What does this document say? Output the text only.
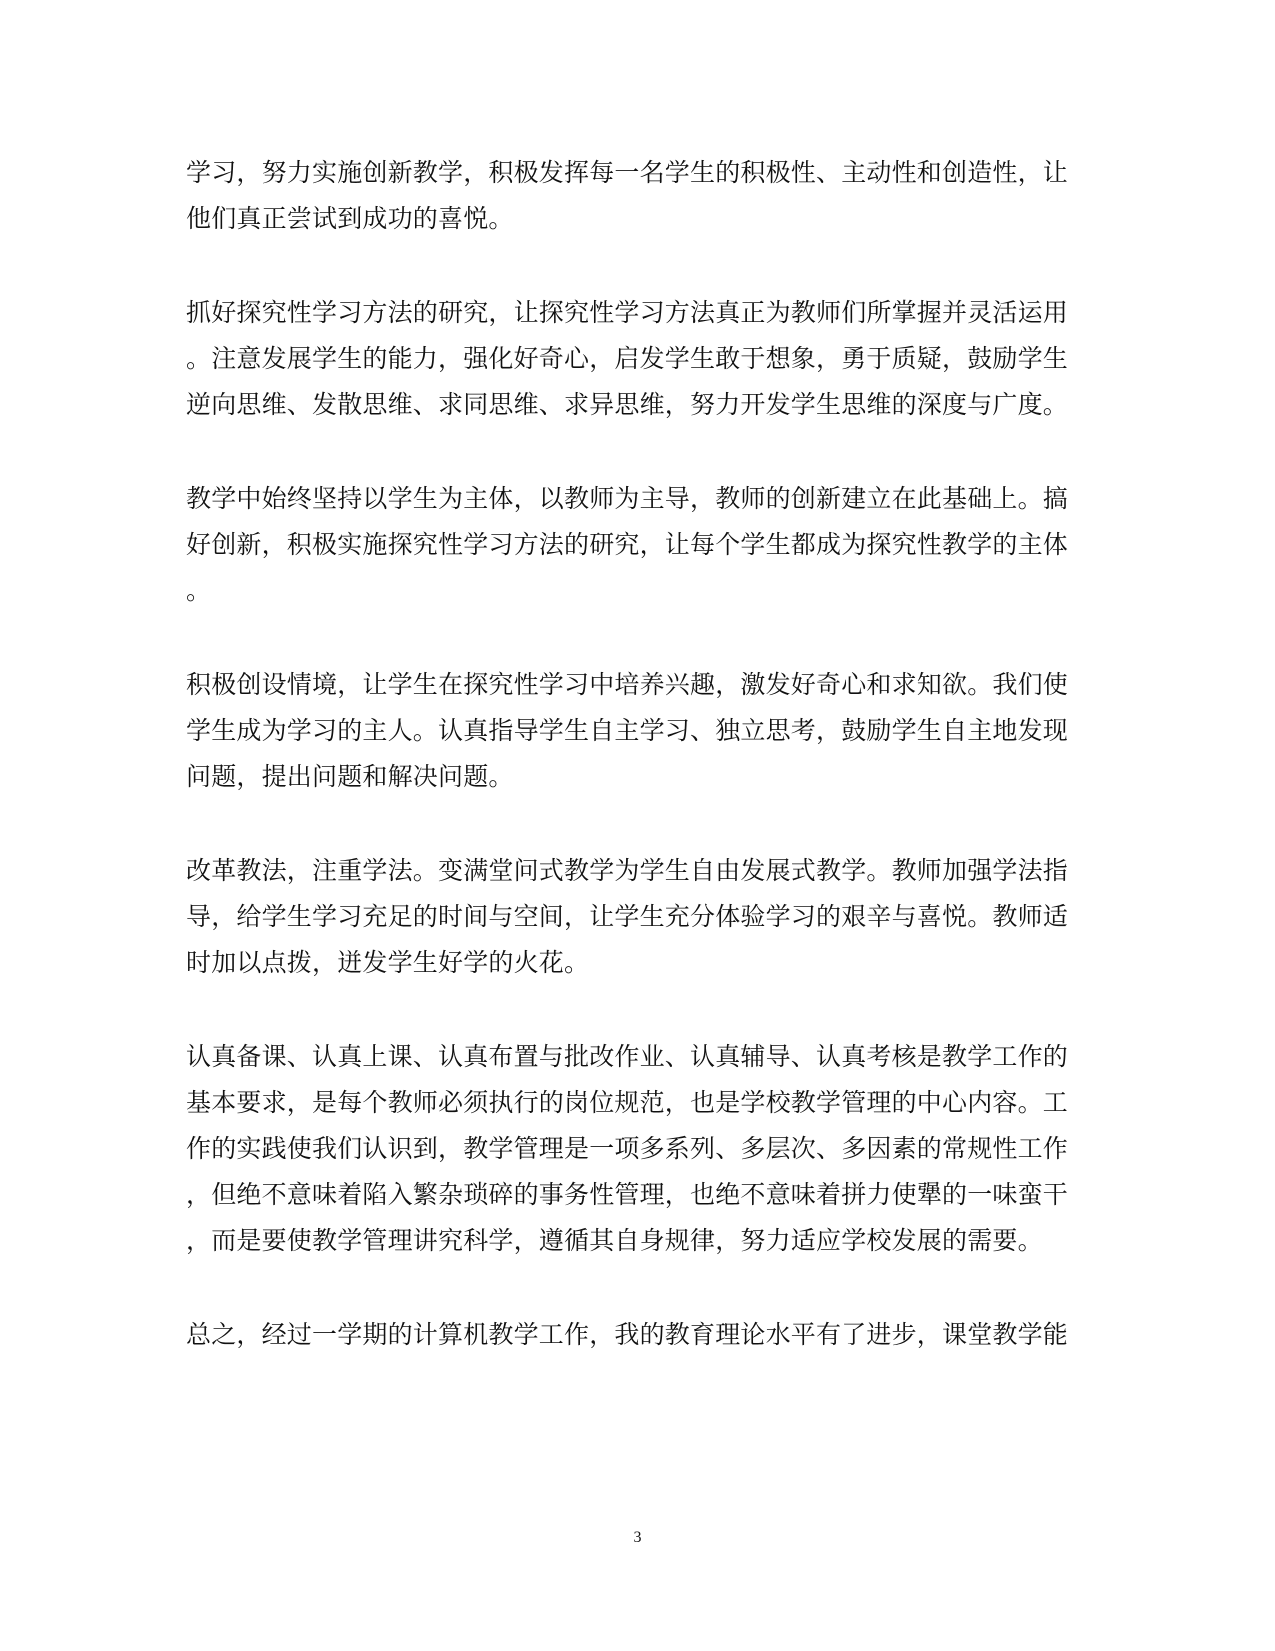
学习，努力实施创新教学，积极发挥每一名学生的积极性、主动性和创造性，让
他们真正尝试到成功的喜悦。
抓好探究性学习方法的研究，让探究性学习方法真正为教师们所掌握并灵活运用
。注意发展学生的能力，强化好奇心，启发学生敢于想象，勇于质疑，鼓励学生
逆向思维、发散思维、求同思维、求异思维，努力开发学生思维的深度与广度。
教学中始终坚持以学生为主体，以教师为主导，教师的创新建立在此基础上。搞
好创新，积极实施探究性学习方法的研究，让每个学生都成为探究性教学的主体
。
积极创设情境，让学生在探究性学习中培养兴趣，激发好奇心和求知欲。我们使
学生成为学习的主人。认真指导学生自主学习、独立思考，鼓励学生自主地发现
问题，提出问题和解决问题。
改革教法，注重学法。变满堂问式教学为学生自由发展式教学。教师加强学法指
导，给学生学习充足的时间与空间，让学生充分体验学习的艰辛与喜悦。教师适
时加以点拨，迸发学生好学的火花。
认真备课、认真上课、认真布置与批改作业、认真辅导、认真考核是教学工作的
基本要求，是每个教师必须执行的岗位规范，也是学校教学管理的中心内容。工
作的实践使我们认识到，教学管理是一项多系列、多层次、多因素的常规性工作
，但绝不意味着陷入繁杂琐碎的事务性管理，也绝不意味着拼力使犟的一味蛮干
，而是要使教学管理讲究科学，遵循其自身规律，努力适应学校发展的需要。
总之，经过一学期的计算机教学工作，我的教育理论水平有了进步，课堂教学能
3
